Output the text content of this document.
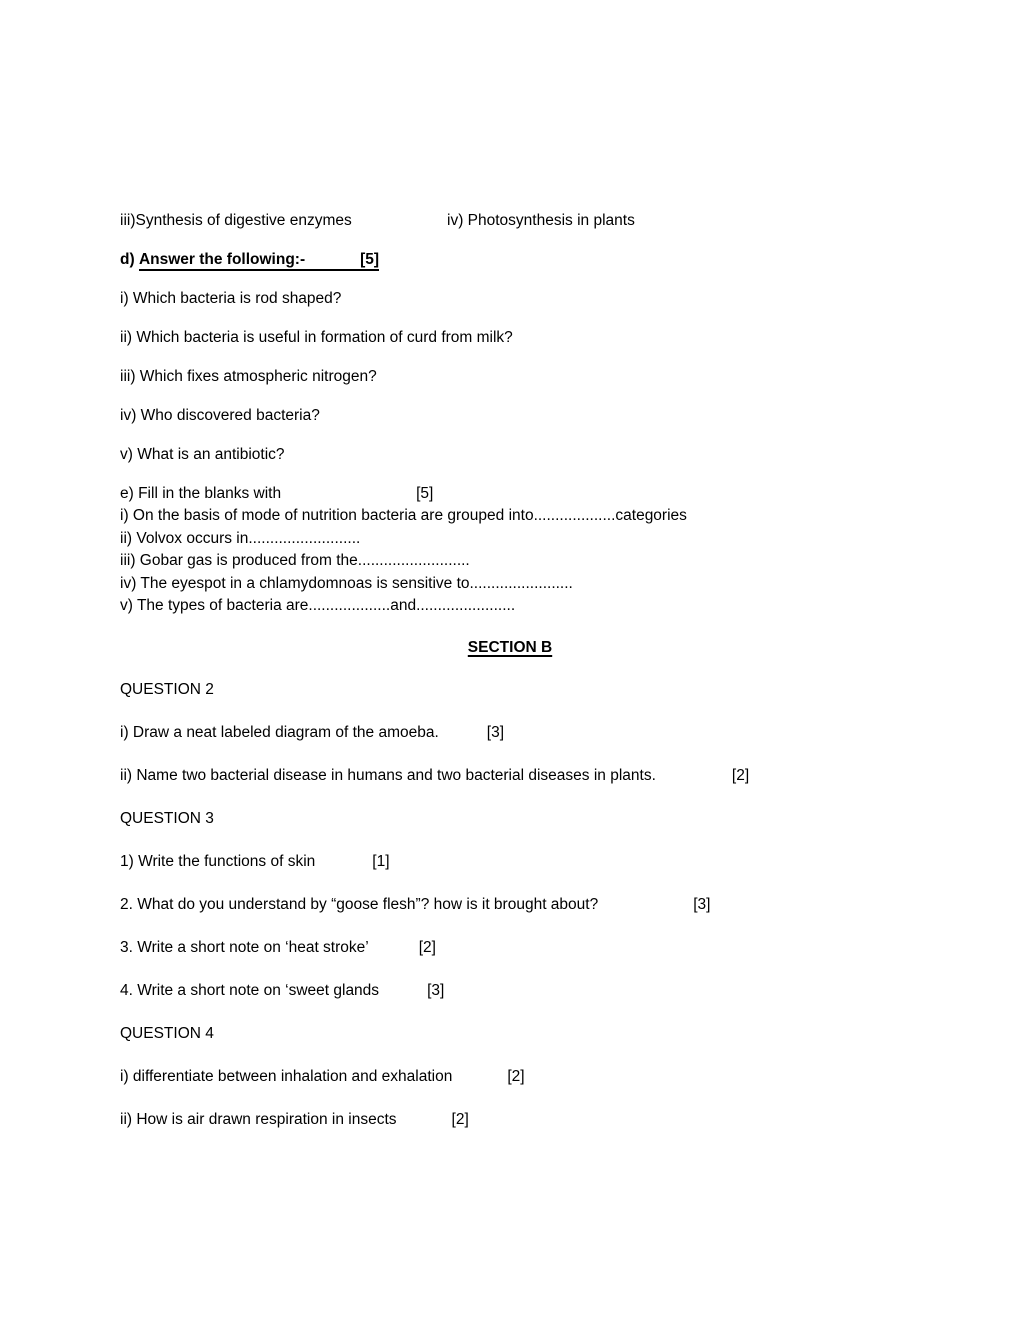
iii)Synthesis of digestive enzymes	iv) Photosynthesis in plants

d) Answer the following:-	[5]

i) Which bacteria is rod shaped?

ii) Which bacteria is useful in formation of curd from milk?

iii) Which fixes atmospheric nitrogen?

iv) Who discovered bacteria?

v) What is an antibiotic?

e) Fill in the blanks with	[5]
i) On the basis of mode of nutrition bacteria are grouped into...................categories
ii) Volvox occurs in..........................
iii) Gobar gas is produced from the..........................
iv) The eyespot in a chlamydomnoas is sensitive to........................
v) The types of bacteria are...................and.......................
SECTION B

QUESTION 2

i) Draw a neat labeled diagram of the amoeba.	[3]

ii) Name two bacterial disease in humans and two bacterial diseases in plants.	[2]

QUESTION 3

1) Write the functions of skin	[1]

2. What do you understand by “goose flesh”? how is it brought about?	[3]

3. Write a short note on ‘heat stroke’	[2]

4. Write a short note on ‘sweet glands	[3]

QUESTION 4

i) differentiate between inhalation and exhalation	[2]

ii) How is air drawn respiration in insects	[2]
